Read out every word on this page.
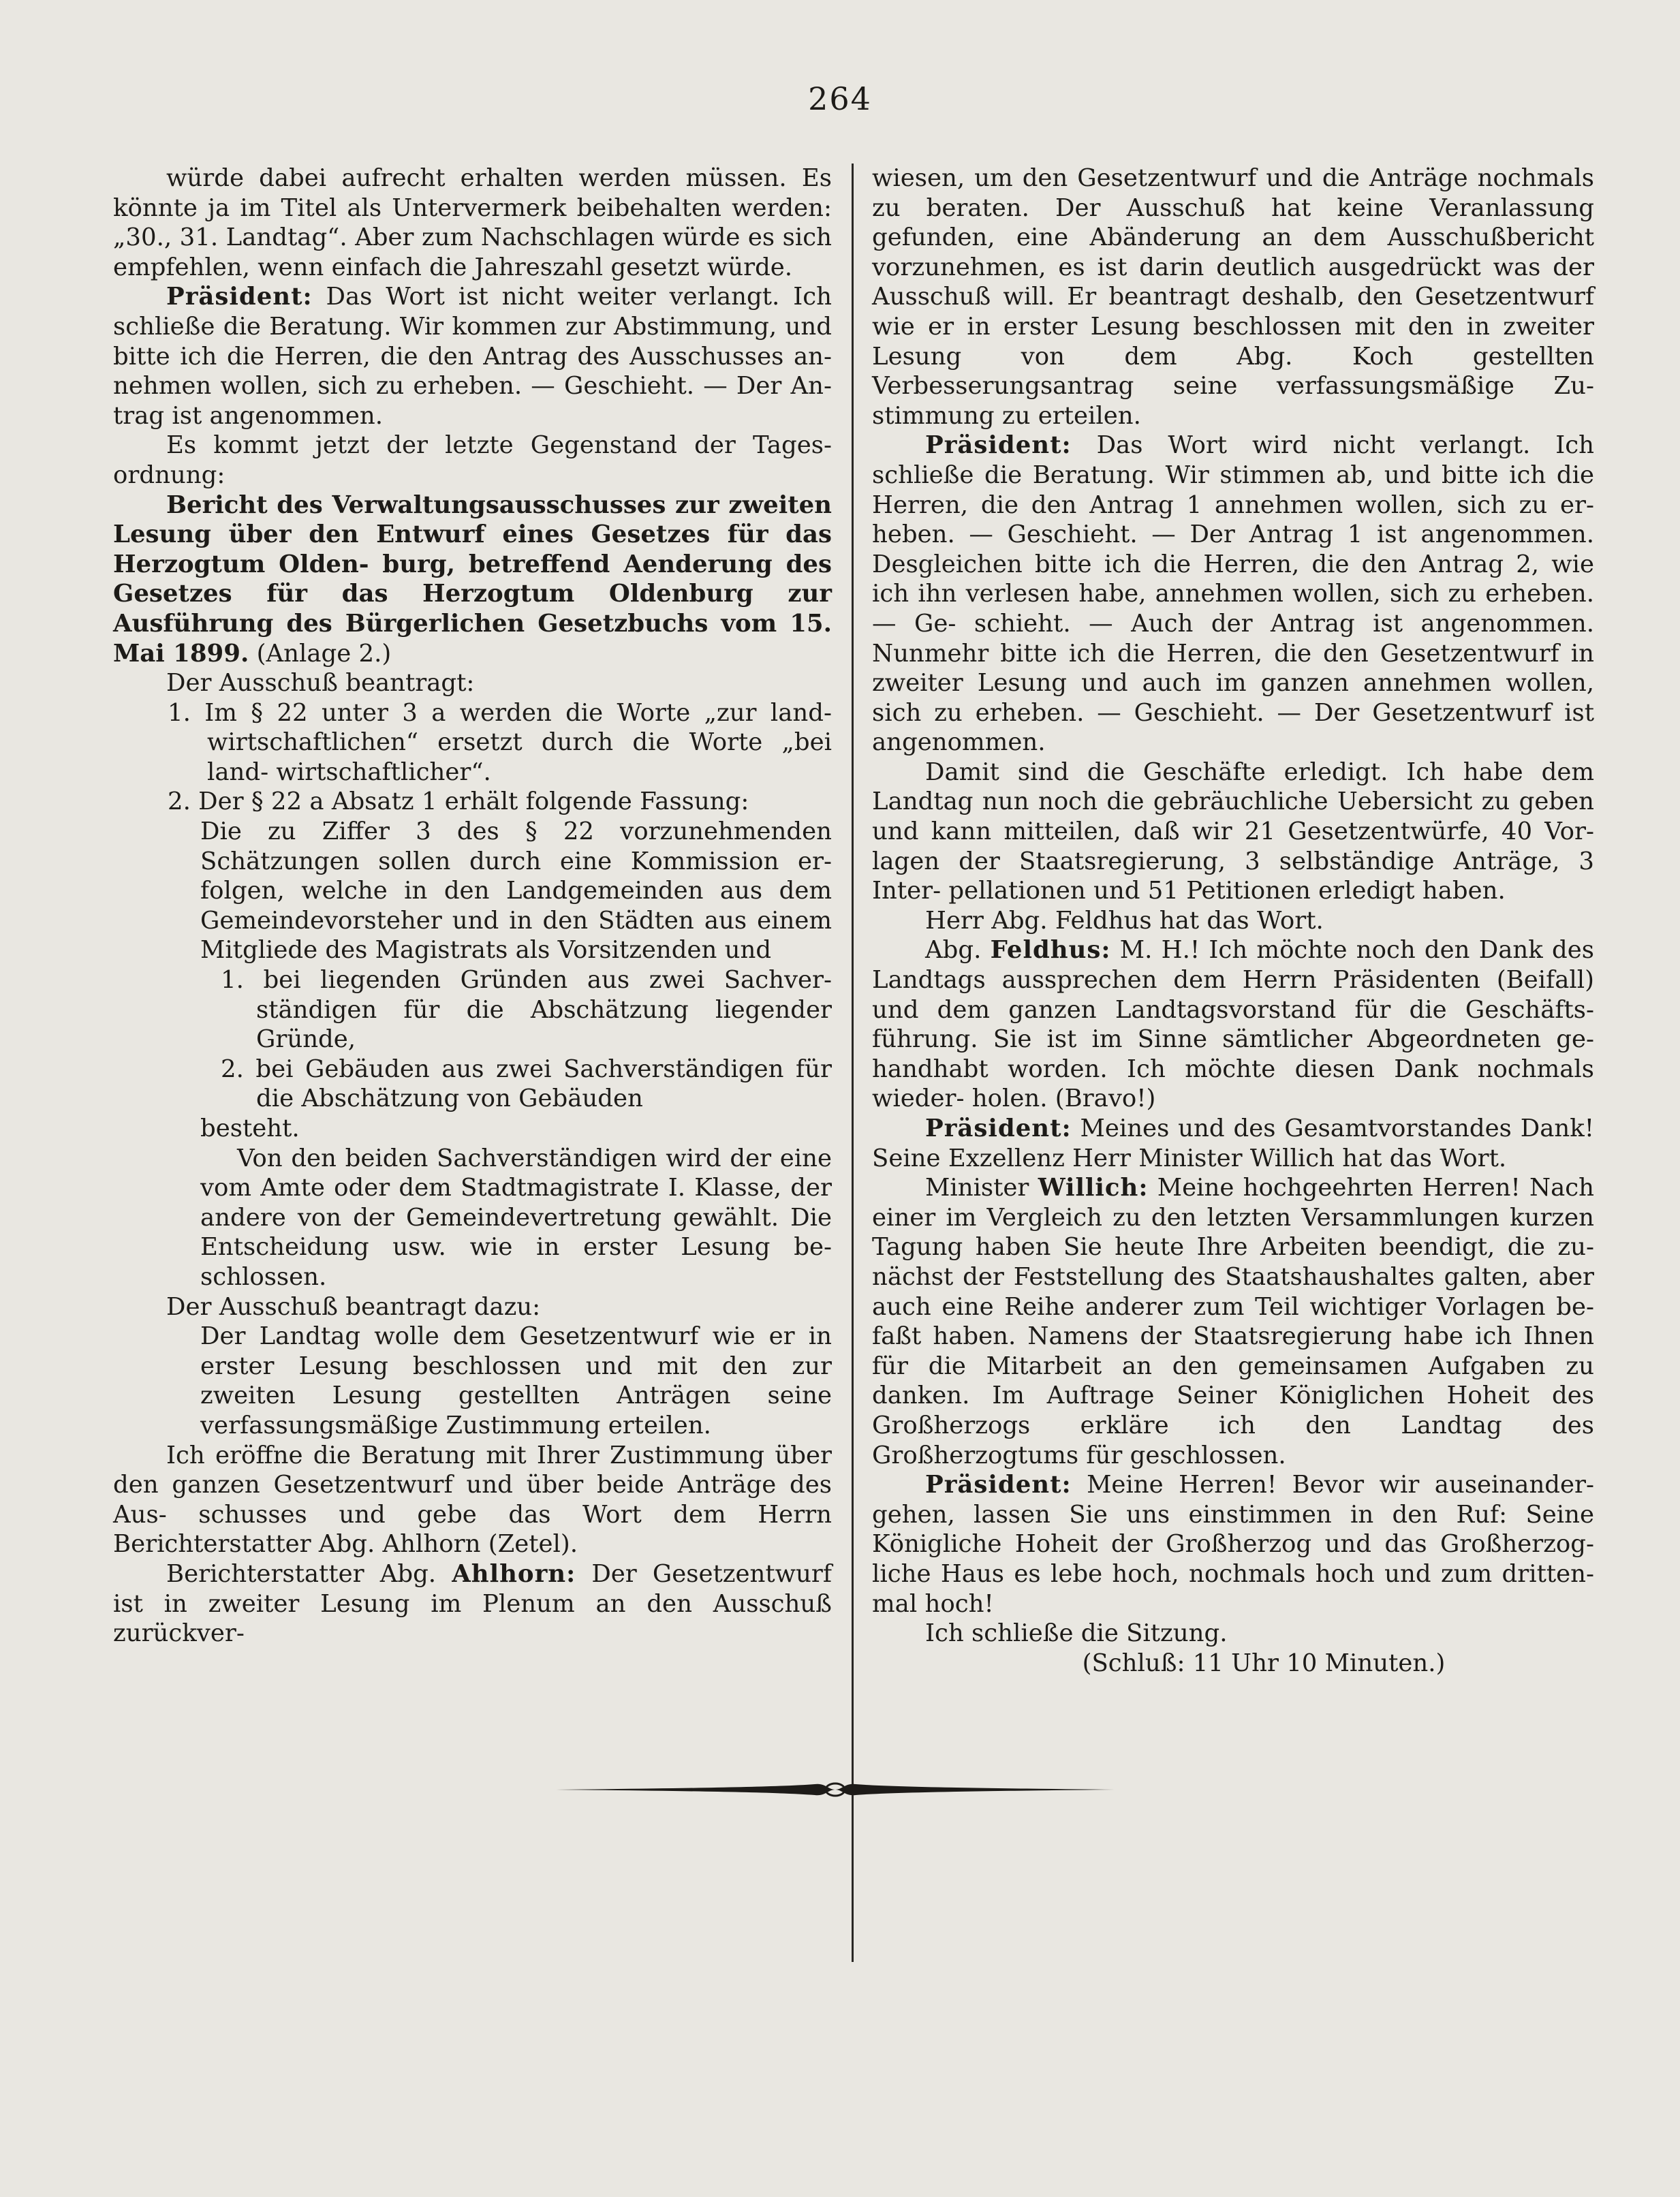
264

würde dabei aufrecht erhalten werden müssen. Es könnte ja im Titel als Untervermerk beibehalten werden: „30., 31. Landtag“. Aber zum Nachschlagen würde es sich empfehlen, wenn einfach die Jahreszahl gesetzt würde.

Präsident: Das Wort ist nicht weiter verlangt. Ich schließe die Beratung. Wir kommen zur Abstimmung, und bitte ich die Herren, die den Antrag des Ausschusses an- nehmen wollen, sich zu erheben. — Geschieht. — Der An- trag ist angenommen.

Es kommt jetzt der letzte Gegenstand der Tages- ordnung:

Bericht des Verwaltungsausschusses zur zweiten Lesung über den Entwurf eines Gesetzes für das Herzogtum Olden- burg, betreffend Aenderung des Gesetzes für das Herzogtum Oldenburg zur Ausführung des Bürgerlichen Gesetzbuchs vom 15. Mai 1899. (Anlage 2.)

Der Ausschuß beantragt:

1. Im § 22 unter 3 a werden die Worte „zur land- wirtschaftlichen“ ersetzt durch die Worte „bei land- wirtschaftlicher“.

2. Der § 22 a Absatz 1 erhält folgende Fassung:

Die zu Ziffer 3 des § 22 vorzunehmenden Schätzungen sollen durch eine Kommission er- folgen, welche in den Landgemeinden aus dem Gemeindevorsteher und in den Städten aus einem Mitgliede des Magistrats als Vorsitzenden und

1. bei liegenden Gründen aus zwei Sachver- ständigen für die Abschätzung liegender Gründe,

2. bei Gebäuden aus zwei Sachverständigen für die Abschätzung von Gebäuden

besteht.

Von den beiden Sachverständigen wird der eine vom Amte oder dem Stadtmagistrate I. Klasse, der andere von der Gemeindevertretung gewählt. Die Entscheidung usw. wie in erster Lesung be- schlossen.

Der Ausschuß beantragt dazu:

Der Landtag wolle dem Gesetzentwurf wie er in erster Lesung beschlossen und mit den zur zweiten Lesung gestellten Anträgen seine verfassungsmäßige Zustimmung erteilen.

Ich eröffne die Beratung mit Ihrer Zustimmung über den ganzen Gesetzentwurf und über beide Anträge des Aus- schusses und gebe das Wort dem Herrn Berichterstatter Abg. Ahlhorn (Zetel).

Berichterstatter Abg. Ahlhorn: Der Gesetzentwurf ist in zweiter Lesung im Plenum an den Ausschuß zurückver-

wiesen, um den Gesetzentwurf und die Anträge nochmals zu beraten. Der Ausschuß hat keine Veranlassung gefunden, eine Abänderung an dem Ausschußbericht vorzunehmen, es ist darin deutlich ausgedrückt was der Ausschuß will. Er beantragt deshalb, den Gesetzentwurf wie er in erster Lesung beschlossen mit den in zweiter Lesung von dem Abg. Koch gestellten Verbesserungsantrag seine verfassungsmäßige Zu- stimmung zu erteilen.

Präsident: Das Wort wird nicht verlangt. Ich schließe die Beratung. Wir stimmen ab, und bitte ich die Herren, die den Antrag 1 annehmen wollen, sich zu er- heben. — Geschieht. — Der Antrag 1 ist angenommen. Desgleichen bitte ich die Herren, die den Antrag 2, wie ich ihn verlesen habe, annehmen wollen, sich zu erheben. — Ge- schieht. — Auch der Antrag ist angenommen. Nunmehr bitte ich die Herren, die den Gesetzentwurf in zweiter Lesung und auch im ganzen annehmen wollen, sich zu erheben. — Geschieht. — Der Gesetzentwurf ist angenommen.

Damit sind die Geschäfte erledigt. Ich habe dem Landtag nun noch die gebräuchliche Uebersicht zu geben und kann mitteilen, daß wir 21 Gesetzentwürfe, 40 Vor- lagen der Staatsregierung, 3 selbständige Anträge, 3 Inter- pellationen und 51 Petitionen erledigt haben.

Herr Abg. Feldhus hat das Wort.

Abg. Feldhus: M. H.! Ich möchte noch den Dank des Landtags aussprechen dem Herrn Präsidenten (Beifall) und dem ganzen Landtagsvorstand für die Geschäfts- führung. Sie ist im Sinne sämtlicher Abgeordneten ge- handhabt worden. Ich möchte diesen Dank nochmals wieder- holen. (Bravo!)

Präsident: Meines und des Gesamtvorstandes Dank! Seine Exzellenz Herr Minister Willich hat das Wort.

Minister Willich: Meine hochgeehrten Herren! Nach einer im Vergleich zu den letzten Versammlungen kurzen Tagung haben Sie heute Ihre Arbeiten beendigt, die zu- nächst der Feststellung des Staatshaushaltes galten, aber auch eine Reihe anderer zum Teil wichtiger Vorlagen be- faßt haben. Namens der Staatsregierung habe ich Ihnen für die Mitarbeit an den gemeinsamen Aufgaben zu danken. Im Auftrage Seiner Königlichen Hoheit des Großherzogs erkläre ich den Landtag des Großherzogtums für geschlossen.

Präsident: Meine Herren! Bevor wir auseinander- gehen, lassen Sie uns einstimmen in den Ruf: Seine Königliche Hoheit der Großherzog und das Großherzog- liche Haus es lebe hoch, nochmals hoch und zum dritten- mal hoch!

Ich schließe die Sitzung.

(Schluß: 11 Uhr 10 Minuten.)
